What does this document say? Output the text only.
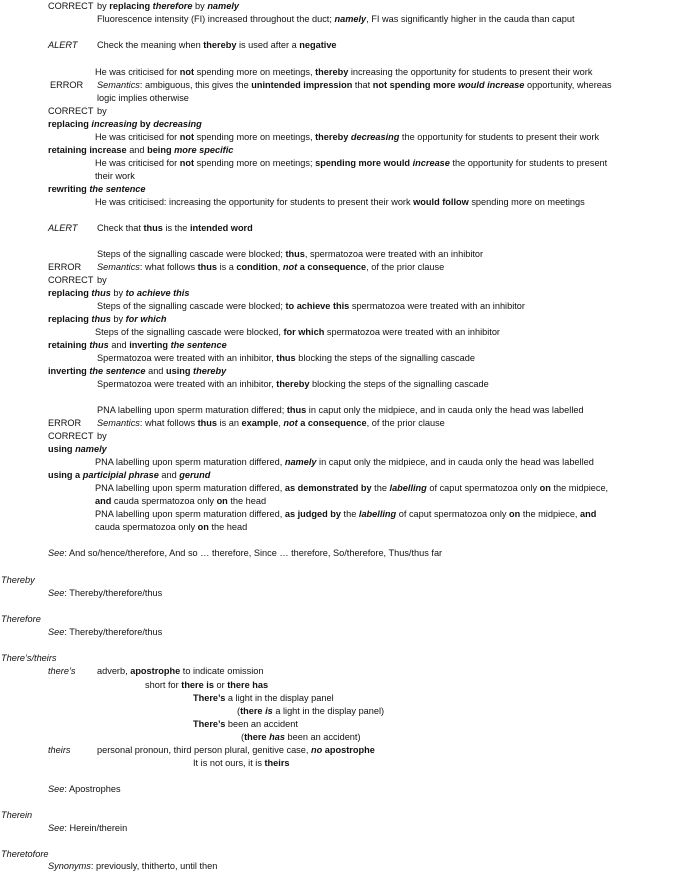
CORRECT by replacing therefore by namely
Fluorescence intensity (FI) increased throughout the duct; namely, FI was significantly higher in the cauda than caput
ALERT Check the meaning when thereby is used after a negative
He was criticised for not spending more on meetings, thereby increasing the opportunity for students to present their work
ERROR Semantics: ambiguous, this gives the unintended impression that not spending more would increase opportunity, whereas
logic implies otherwise
CORRECT by
replacing increasing by decreasing
He was criticised for not spending more on meetings, thereby decreasing the opportunity for students to present their work
retaining increase and being more specific
He was criticised for not spending more on meetings; spending more would increase the opportunity for students to present
their work
rewriting the sentence
He was criticised: increasing the opportunity for students to present their work would follow spending more on meetings
ALERT Check that thus is the intended word
Steps of the signalling cascade were blocked; thus, spermatozoa were treated with an inhibitor
ERROR Semantics: what follows thus is a condition, not a consequence, of the prior clause
CORRECT by
replacing thus by to achieve this
Steps of the signalling cascade were blocked; to achieve this spermatozoa were treated with an inhibitor
replacing thus by for which
Steps of the signalling cascade were blocked, for which spermatozoa were treated with an inhibitor
retaining thus and inverting the sentence
Spermatozoa were treated with an inhibitor, thus blocking the steps of the signalling cascade
inverting the sentence and using thereby
Spermatozoa were treated with an inhibitor, thereby blocking the steps of the signalling cascade
PNA labelling upon sperm maturation differed; thus in caput only the midpiece, and in cauda only the head was labelled
ERROR Semantics: what follows thus is an example, not a consequence, of the prior clause
CORRECT by
using namely
PNA labelling upon sperm maturation differed, namely in caput only the midpiece, and in cauda only the head was labelled
using a participial phrase and gerund
PNA labelling upon sperm maturation differed, as demonstrated by the labelling of caput spermatozoa only on the midpiece,
and cauda spermatozoa only on the head
PNA labelling upon sperm maturation differed, as judged by the labelling of caput spermatozoa only on the midpiece, and
cauda spermatozoa only on the head
See: And so/hence/therefore, And so … therefore, Since … therefore, So/therefore, Thus/thus far
Thereby
See: Thereby/therefore/thus
Therefore
See: Thereby/therefore/thus
There’s/theirs
there’s adverb, apostrophe to indicate omission
short for there is or there has
There’s a light in the display panel
(there is a light in the display panel)
There’s been an accident
(there has been an accident)
theirs	personal pronoun, third person plural, genitive case, no apostrophe
It is not ours, it is theirs
See: Apostrophes
Therein
See: Herein/therein
Theretofore
Synonyms: previously, thitherto, until then
